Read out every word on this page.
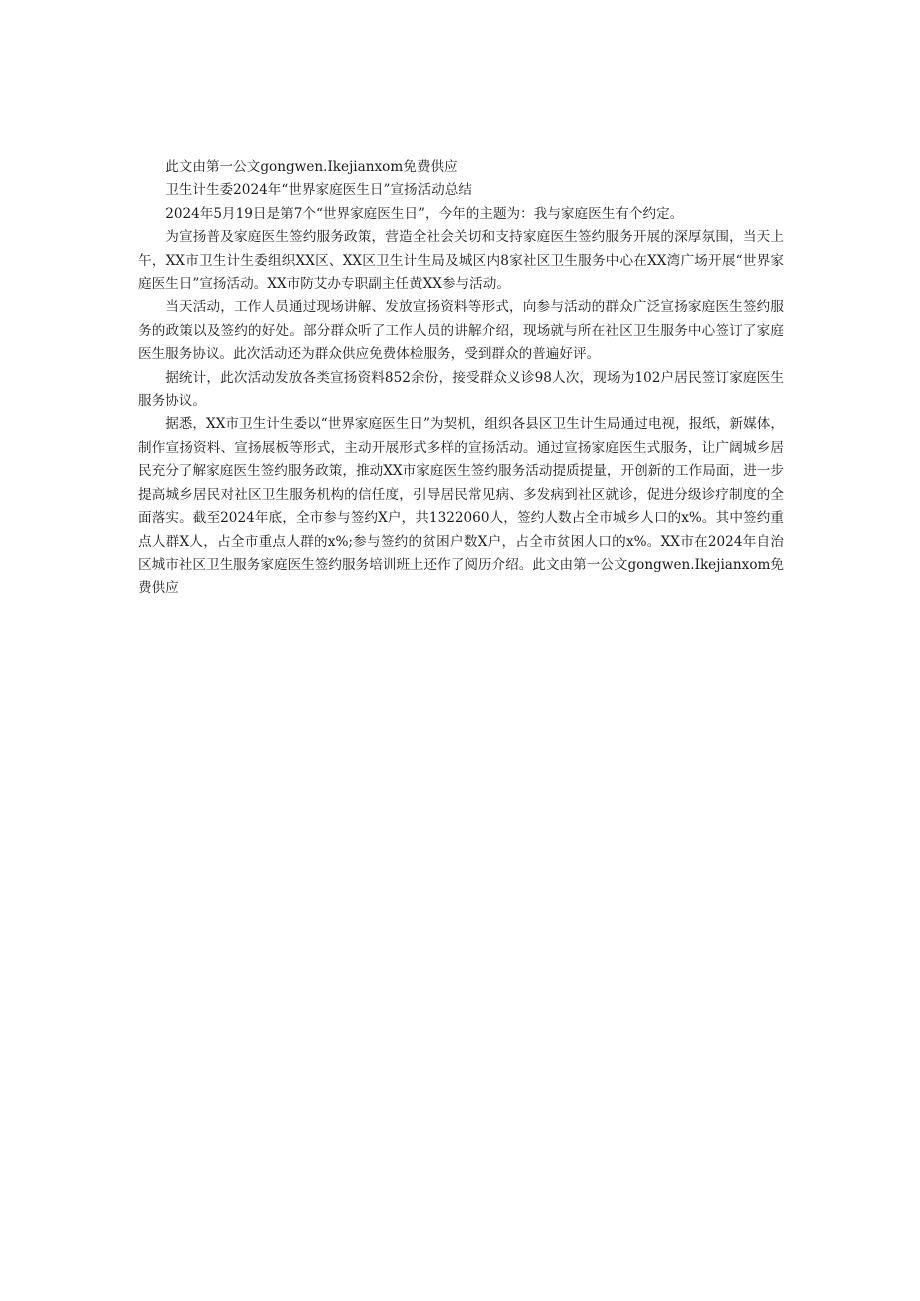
此文由第一公文gongwen.Ikejianxom免费供应

卫生计生委2024年“世界家庭医生日”宣扬活动总结

2024年5月19日是第7个“世界家庭医生日”，今年的主题为：我与家庭医生有个约定。

为宣扬普及家庭医生签约服务政策，营造全社会关切和支持家庭医生签约服务开展的深厚氛围，当天上午，XX市卫生计生委组织XX区、XX区卫生计生局及城区内8家社区卫生服务中心在XX湾广场开展“世界家庭医生日”宣扬活动。XX市防艾办专职副主任黄XX参与活动。

当天活动，工作人员通过现场讲解、发放宣扬资料等形式，向参与活动的群众广泛宣扬家庭医生签约服务的政策以及签约的好处。部分群众听了工作人员的讲解介绍，现场就与所在社区卫生服务中心签订了家庭医生服务协议。此次活动还为群众供应免费体检服务，受到群众的普遍好评。

据统计，此次活动发放各类宣扬资料852余份，接受群众义诊98人次，现场为102户居民签订家庭医生服务协议。

据悉，XX市卫生计生委以“世界家庭医生日”为契机，组织各县区卫生计生局通过电视，报纸，新媒体，制作宣扬资料、宣扬展板等形式，主动开展形式多样的宣扬活动。通过宣扬家庭医生式服务，让广阔城乡居民充分了解家庭医生签约服务政策，推动XX市家庭医生签约服务活动提质提量，开创新的工作局面，进一步提高城乡居民对社区卫生服务机构的信任度，引导居民常见病、多发病到社区就诊，促进分级诊疗制度的全面落实。截至2024年底，全市参与签约X户，共1322060人，签约人数占全市城乡人口的x%。其中签约重点人群X人，占全市重点人群的x%;参与签约的贫困户数X户，占全市贫困人口的x%。XX市在2024年自治区城市社区卫生服务家庭医生签约服务培训班上还作了阅历介绍。此文由第一公文gongwen.Ikejianxom免费供应
